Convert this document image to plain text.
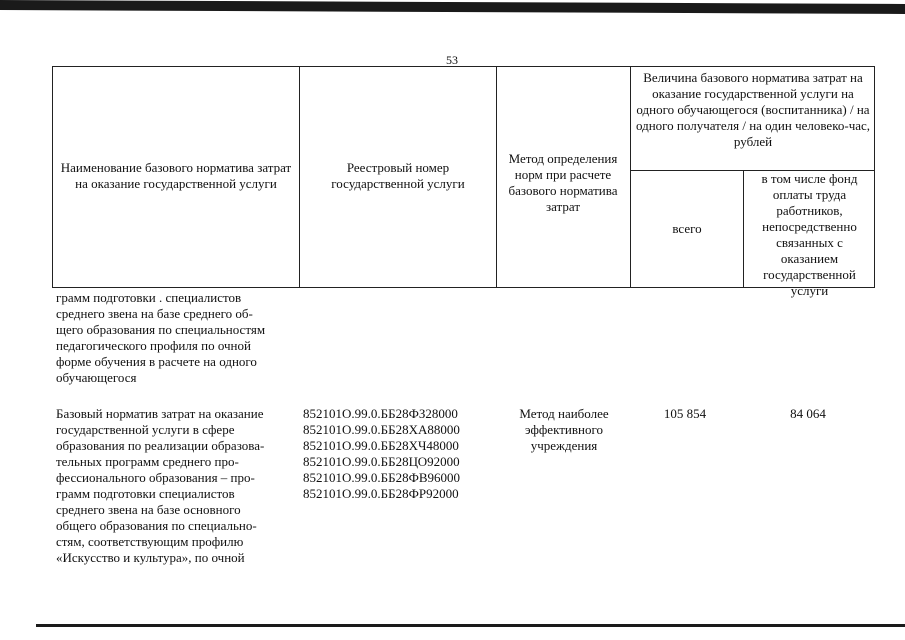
53
Наименование базового норматива затрат на оказание государственной услуги
Реестровый номер государственной услуги
Метод определения норм при расчете базового норматива затрат
Величина базового норматива затрат на оказание государственной услуги на одного обучающегося (воспитанника) / на одного получателя / на один человеко-час, рублей
всего
в том числе фонд оплаты труда работников, непосредственно связанных с оказанием государственной услуги
грамм подготовки . специалистов
среднего звена на базе среднего об-
щего образования по специальностям
педагогического профиля по очной
форме обучения в расчете на одного
обучающегося
Базовый норматив затрат на оказание
государственной услуги в сфере
образования по реализации образова-
тельных программ среднего про-
фессионального образования – про-
грамм подготовки специалистов
среднего звена на базе основного
общего образования по специально-
стям, соответствующим профилю
«Искусство и культура», по очной
852101О.99.0.ББ28ФЗ28000
852101О.99.0.ББ28ХА88000
852101О.99.0.ББ28ХЧ48000
852101О.99.0.ББ28ЦО92000
852101О.99.0.ББ28ФВ96000
852101О.99.0.ББ28ФР92000
Метод наиболее эффективного учреждения
105 854	84 064
